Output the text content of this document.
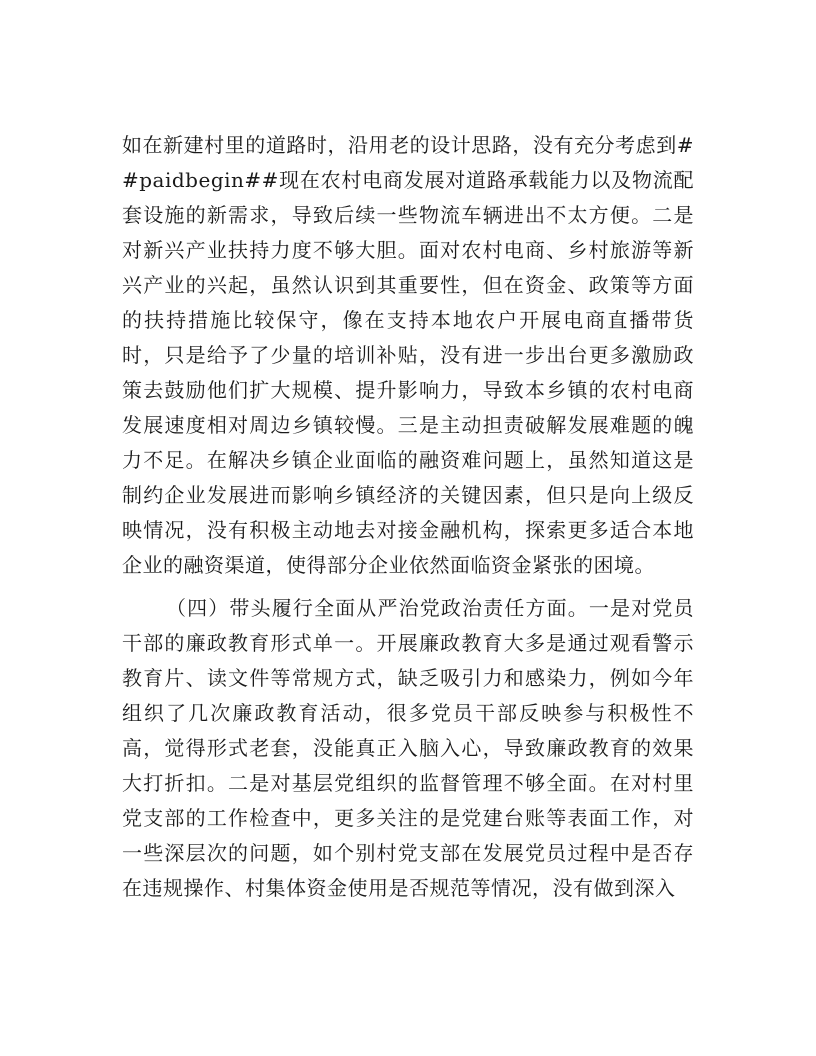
如在新建村里的道路时，沿用老的设计思路，没有充分考虑到##paidbegin##现在农村电商发展对道路承载能力以及物流配套设施的新需求，导致后续一些物流车辆进出不太方便。二是对新兴产业扶持力度不够大胆。面对农村电商、乡村旅游等新兴产业的兴起，虽然认识到其重要性，但在资金、政策等方面的扶持措施比较保守，像在支持本地农户开展电商直播带货时，只是给予了少量的培训补贴，没有进一步出台更多激励政策去鼓励他们扩大规模、提升影响力，导致本乡镇的农村电商发展速度相对周边乡镇较慢。三是主动担责破解发展难题的魄力不足。在解决乡镇企业面临的融资难问题上，虽然知道这是制约企业发展进而影响乡镇经济的关键因素，但只是向上级反映情况，没有积极主动地去对接金融机构，探索更多适合本地企业的融资渠道，使得部分企业依然面临资金紧张的困境。

（四）带头履行全面从严治党政治责任方面。一是对党员干部的廉政教育形式单一。开展廉政教育大多是通过观看警示教育片、读文件等常规方式，缺乏吸引力和感染力，例如今年组织了几次廉政教育活动，很多党员干部反映参与积极性不高，觉得形式老套，没能真正入脑入心，导致廉政教育的效果大打折扣。二是对基层党组织的监督管理不够全面。在对村里党支部的工作检查中，更多关注的是党建台账等表面工作，对一些深层次的问题，如个别村党支部在发展党员过程中是否存在违规操作、村集体资金使用是否规范等情况，没有做到深入
